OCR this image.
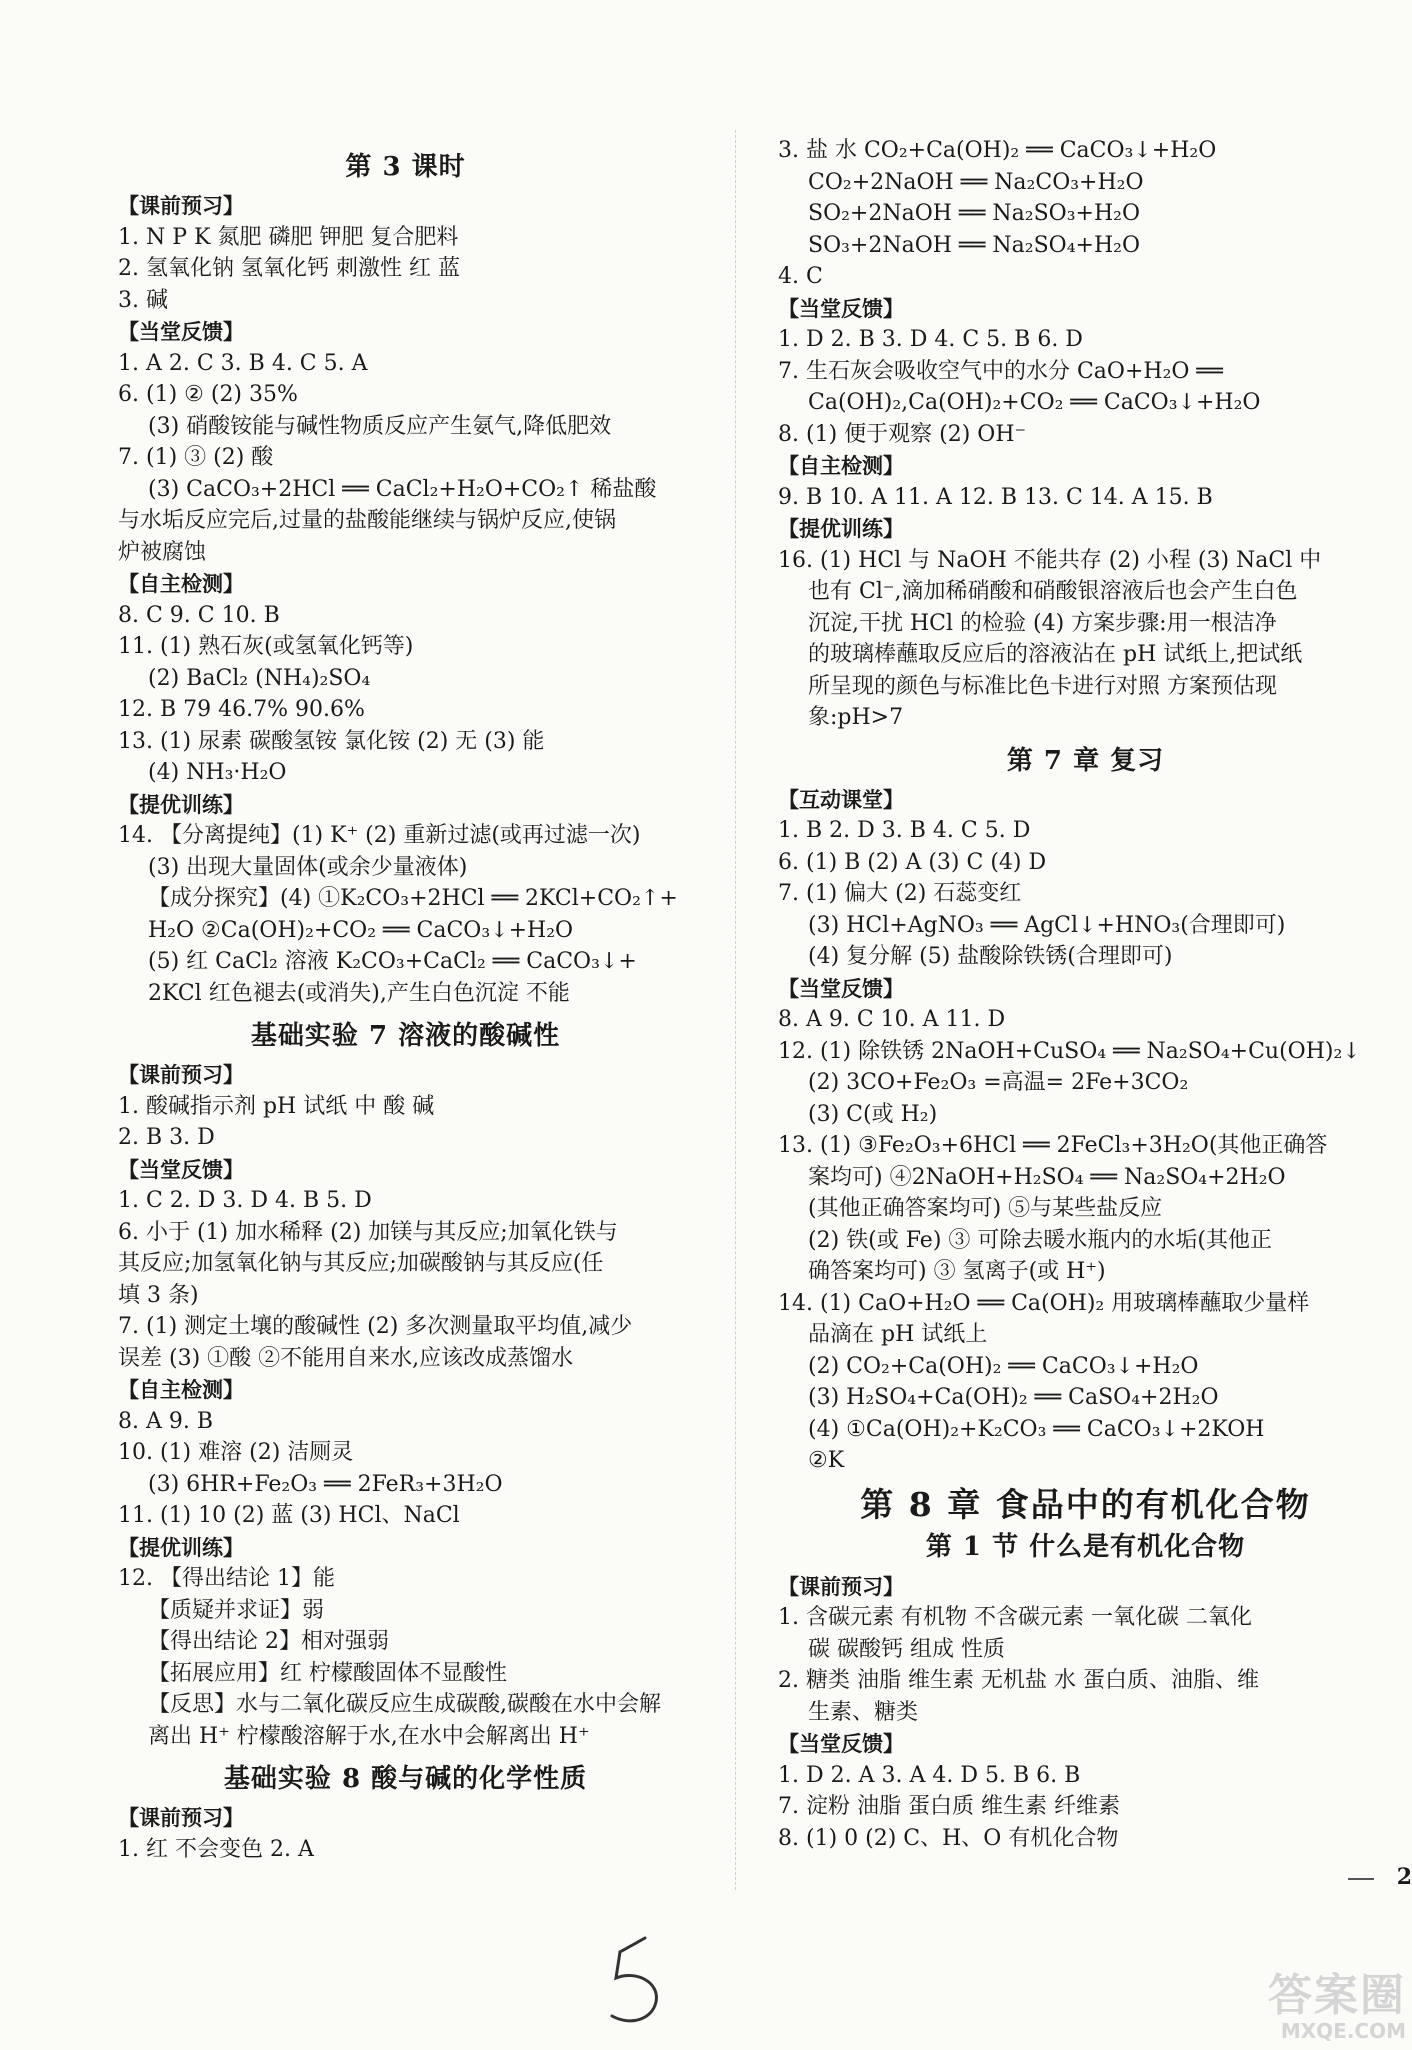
第 3 课时
【课前预习】
1. N P K 氮肥 磷肥 钾肥 复合肥料
2. 氢氧化钠 氢氧化钙 刺激性 红 蓝
3. 碱
【当堂反馈】
1. A 2. C 3. B 4. C 5. A
6. (1) ② (2) 35%
(3) 硝酸铵能与碱性物质反应产生氨气,降低肥效
7. (1) ③ (2) 酸
(3) CaCO₃+2HCl ══ CaCl₂+H₂O+CO₂↑ 稀盐酸
与水垢反应完后,过量的盐酸能继续与锅炉反应,使锅
炉被腐蚀
【自主检测】
8. C 9. C 10. B
11. (1) 熟石灰(或氢氧化钙等)
(2) BaCl₂ (NH₄)₂SO₄
12. B 79 46.7% 90.6%
13. (1) 尿素 碳酸氢铵 氯化铵 (2) 无 (3) 能
(4) NH₃·H₂O
【提优训练】
14. 【分离提纯】(1) K⁺ (2) 重新过滤(或再过滤一次)
(3) 出现大量固体(或余少量液体)
【成分探究】(4) ①K₂CO₃+2HCl ══ 2KCl+CO₂↑+
H₂O ②Ca(OH)₂+CO₂ ══ CaCO₃↓+H₂O
(5) 红 CaCl₂ 溶液 K₂CO₃+CaCl₂ ══ CaCO₃↓+
2KCl 红色褪去(或消失),产生白色沉淀 不能
基础实验 7 溶液的酸碱性
【课前预习】
1. 酸碱指示剂 pH 试纸 中 酸 碱
2. B 3. D
【当堂反馈】
1. C 2. D 3. D 4. B 5. D
6. 小于 (1) 加水稀释 (2) 加镁与其反应;加氧化铁与
其反应;加氢氧化钠与其反应;加碳酸钠与其反应(任
填 3 条)
7. (1) 测定土壤的酸碱性 (2) 多次测量取平均值,减少
误差 (3) ①酸 ②不能用自来水,应该改成蒸馏水
【自主检测】
8. A 9. B
10. (1) 难溶 (2) 洁厕灵
(3) 6HR+Fe₂O₃ ══ 2FeR₃+3H₂O
11. (1) 10 (2) 蓝 (3) HCl、NaCl
【提优训练】
12. 【得出结论 1】能
【质疑并求证】弱
【得出结论 2】相对强弱
【拓展应用】红 柠檬酸固体不显酸性
【反思】水与二氧化碳反应生成碳酸,碳酸在水中会解
离出 H⁺ 柠檬酸溶解于水,在水中会解离出 H⁺
基础实验 8 酸与碱的化学性质
【课前预习】
1. 红 不会变色 2. A
3. 盐 水 CO₂+Ca(OH)₂ ══ CaCO₃↓+H₂O
CO₂+2NaOH ══ Na₂CO₃+H₂O
SO₂+2NaOH ══ Na₂SO₃+H₂O
SO₃+2NaOH ══ Na₂SO₄+H₂O
4. C
【当堂反馈】
1. D 2. B 3. D 4. C 5. B 6. D
7. 生石灰会吸收空气中的水分 CaO+H₂O ══
Ca(OH)₂,Ca(OH)₂+CO₂ ══ CaCO₃↓+H₂O
8. (1) 便于观察 (2) OH⁻
【自主检测】
9. B 10. A 11. A 12. B 13. C 14. A 15. B
【提优训练】
16. (1) HCl 与 NaOH 不能共存 (2) 小程 (3) NaCl 中
也有 Cl⁻,滴加稀硝酸和硝酸银溶液后也会产生白色
沉淀,干扰 HCl 的检验 (4) 方案步骤:用一根洁净
的玻璃棒蘸取反应后的溶液沾在 pH 试纸上,把试纸
所呈现的颜色与标准比色卡进行对照 方案预估现
象:pH>7
第 7 章 复习
【互动课堂】
1. B 2. D 3. B 4. C 5. D
6. (1) B (2) A (3) C (4) D
7. (1) 偏大 (2) 石蕊变红
(3) HCl+AgNO₃ ══ AgCl↓+HNO₃(合理即可)
(4) 复分解 (5) 盐酸除铁锈(合理即可)
【当堂反馈】
8. A 9. C 10. A 11. D
12. (1) 除铁锈 2NaOH+CuSO₄ ══ Na₂SO₄+Cu(OH)₂↓
(2) 3CO+Fe₂O₃ =高温= 2Fe+3CO₂
(3) C(或 H₂)
13. (1) ③Fe₂O₃+6HCl ══ 2FeCl₃+3H₂O(其他正确答
案均可) ④2NaOH+H₂SO₄ ══ Na₂SO₄+2H₂O
(其他正确答案均可) ⑤与某些盐反应
(2) 铁(或 Fe) ③ 可除去暖水瓶内的水垢(其他正
确答案均可) ③ 氢离子(或 H⁺)
14. (1) CaO+H₂O ══ Ca(OH)₂ 用玻璃棒蘸取少量样
品滴在 pH 试纸上
(2) CO₂+Ca(OH)₂ ══ CaCO₃↓+H₂O
(3) H₂SO₄+Ca(OH)₂ ══ CaSO₄+2H₂O
(4) ①Ca(OH)₂+K₂CO₃ ══ CaCO₃↓+2KOH
②K
第 8 章 食品中的有机化合物
第 1 节 什么是有机化合物
【课前预习】
1. 含碳元素 有机物 不含碳元素 一氧化碳 二氧化
碳 碳酸钙 组成 性质
2. 糖类 油脂 维生素 无机盐 水 蛋白质、油脂、维
生素、糖类
【当堂反馈】
1. D 2. A 3. A 4. D 5. B 6. B
7. 淀粉 油脂 蛋白质 维生素 纤维素
8. (1) 0 (2) C、H、O 有机化合物
2
答案圈
MXQE.COM
